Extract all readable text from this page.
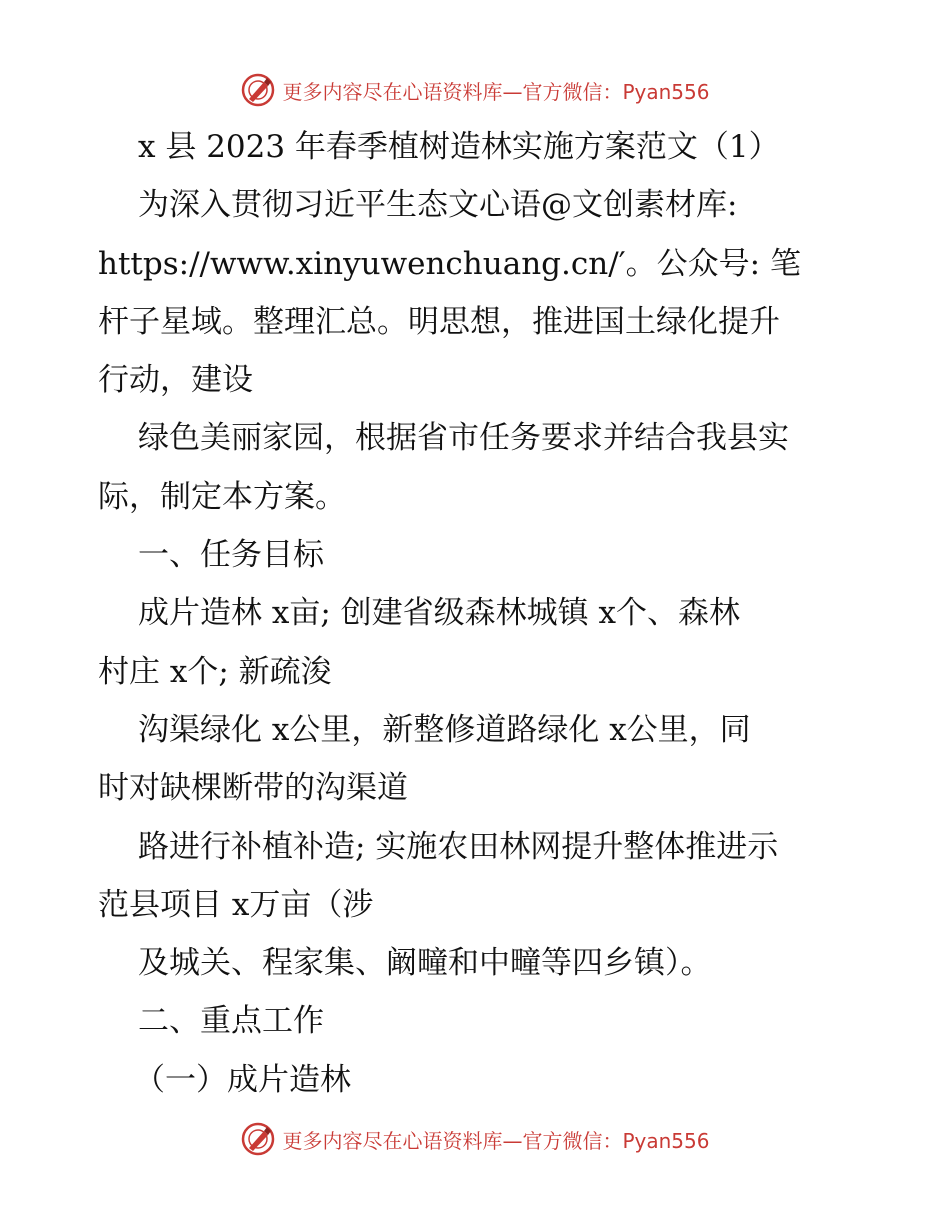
更多内容尽在心语资料库—官方微信：Pyan556
x 县 2023 年春季植树造林实施方案范文（1）
为深入贯彻习近平生态文心语@文创素材库:
https://www.xinyuwenchuang.cn/′。公众号: 笔
杆子星域。整理汇总。明思想，推进国土绿化提升
行动，建设
绿色美丽家园，根据省市任务要求并结合我县实
际，制定本方案。
一、任务目标
成片造林 x亩; 创建省级森林城镇 x个、森林
村庄 x个; 新疏浚
沟渠绿化 x公里，新整修道路绿化 x公里，同
时对缺棵断带的沟渠道
路进行补植补造; 实施农田林网提升整体推进示
范县项目 x万亩（涉
及城关、程家集、阚疃和中疃等四乡镇）。
二、重点工作
（一）成片造林
更多内容尽在心语资料库—官方微信：Pyan556
